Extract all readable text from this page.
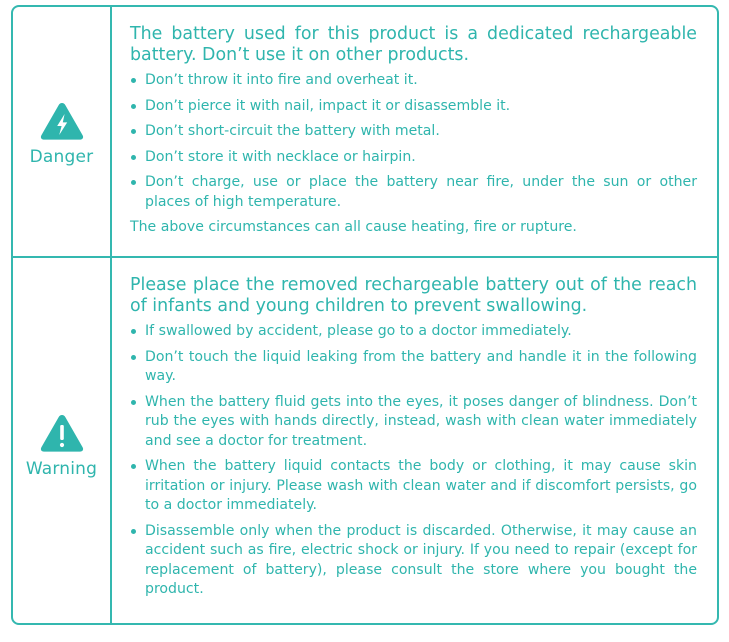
Danger

The battery used for this product is a dedicated rechargeable battery. Don’t use it on other products.

Don’t throw it into fire and overheat it.
Don’t pierce it with nail, impact it or disassemble it.
Don’t short-circuit the battery with metal.
Don’t store it with necklace or hairpin.
Don’t charge, use or place the battery near fire, under the sun or other places of high temperature.

The above circumstances can all cause heating, fire or rupture.

Warning

Please place the removed rechargeable battery out of the reach of infants and young children to prevent swallowing.

If swallowed by accident, please go to a doctor immediately.
Don’t touch the liquid leaking from the battery and handle it in the following way.
When the battery fluid gets into the eyes, it poses danger of blindness. Don’t rub the eyes with hands directly, instead, wash with clean water immediately and see a doctor for treatment.
When the battery liquid contacts the body or clothing, it may cause skin irritation or injury. Please wash with clean water and if discomfort persists, go to a doctor immediately.
Disassemble only when the product is discarded. Otherwise, it may cause an accident such as fire, electric shock or injury. If you need to repair (except for replacement of battery), please consult the store where you bought the product.
